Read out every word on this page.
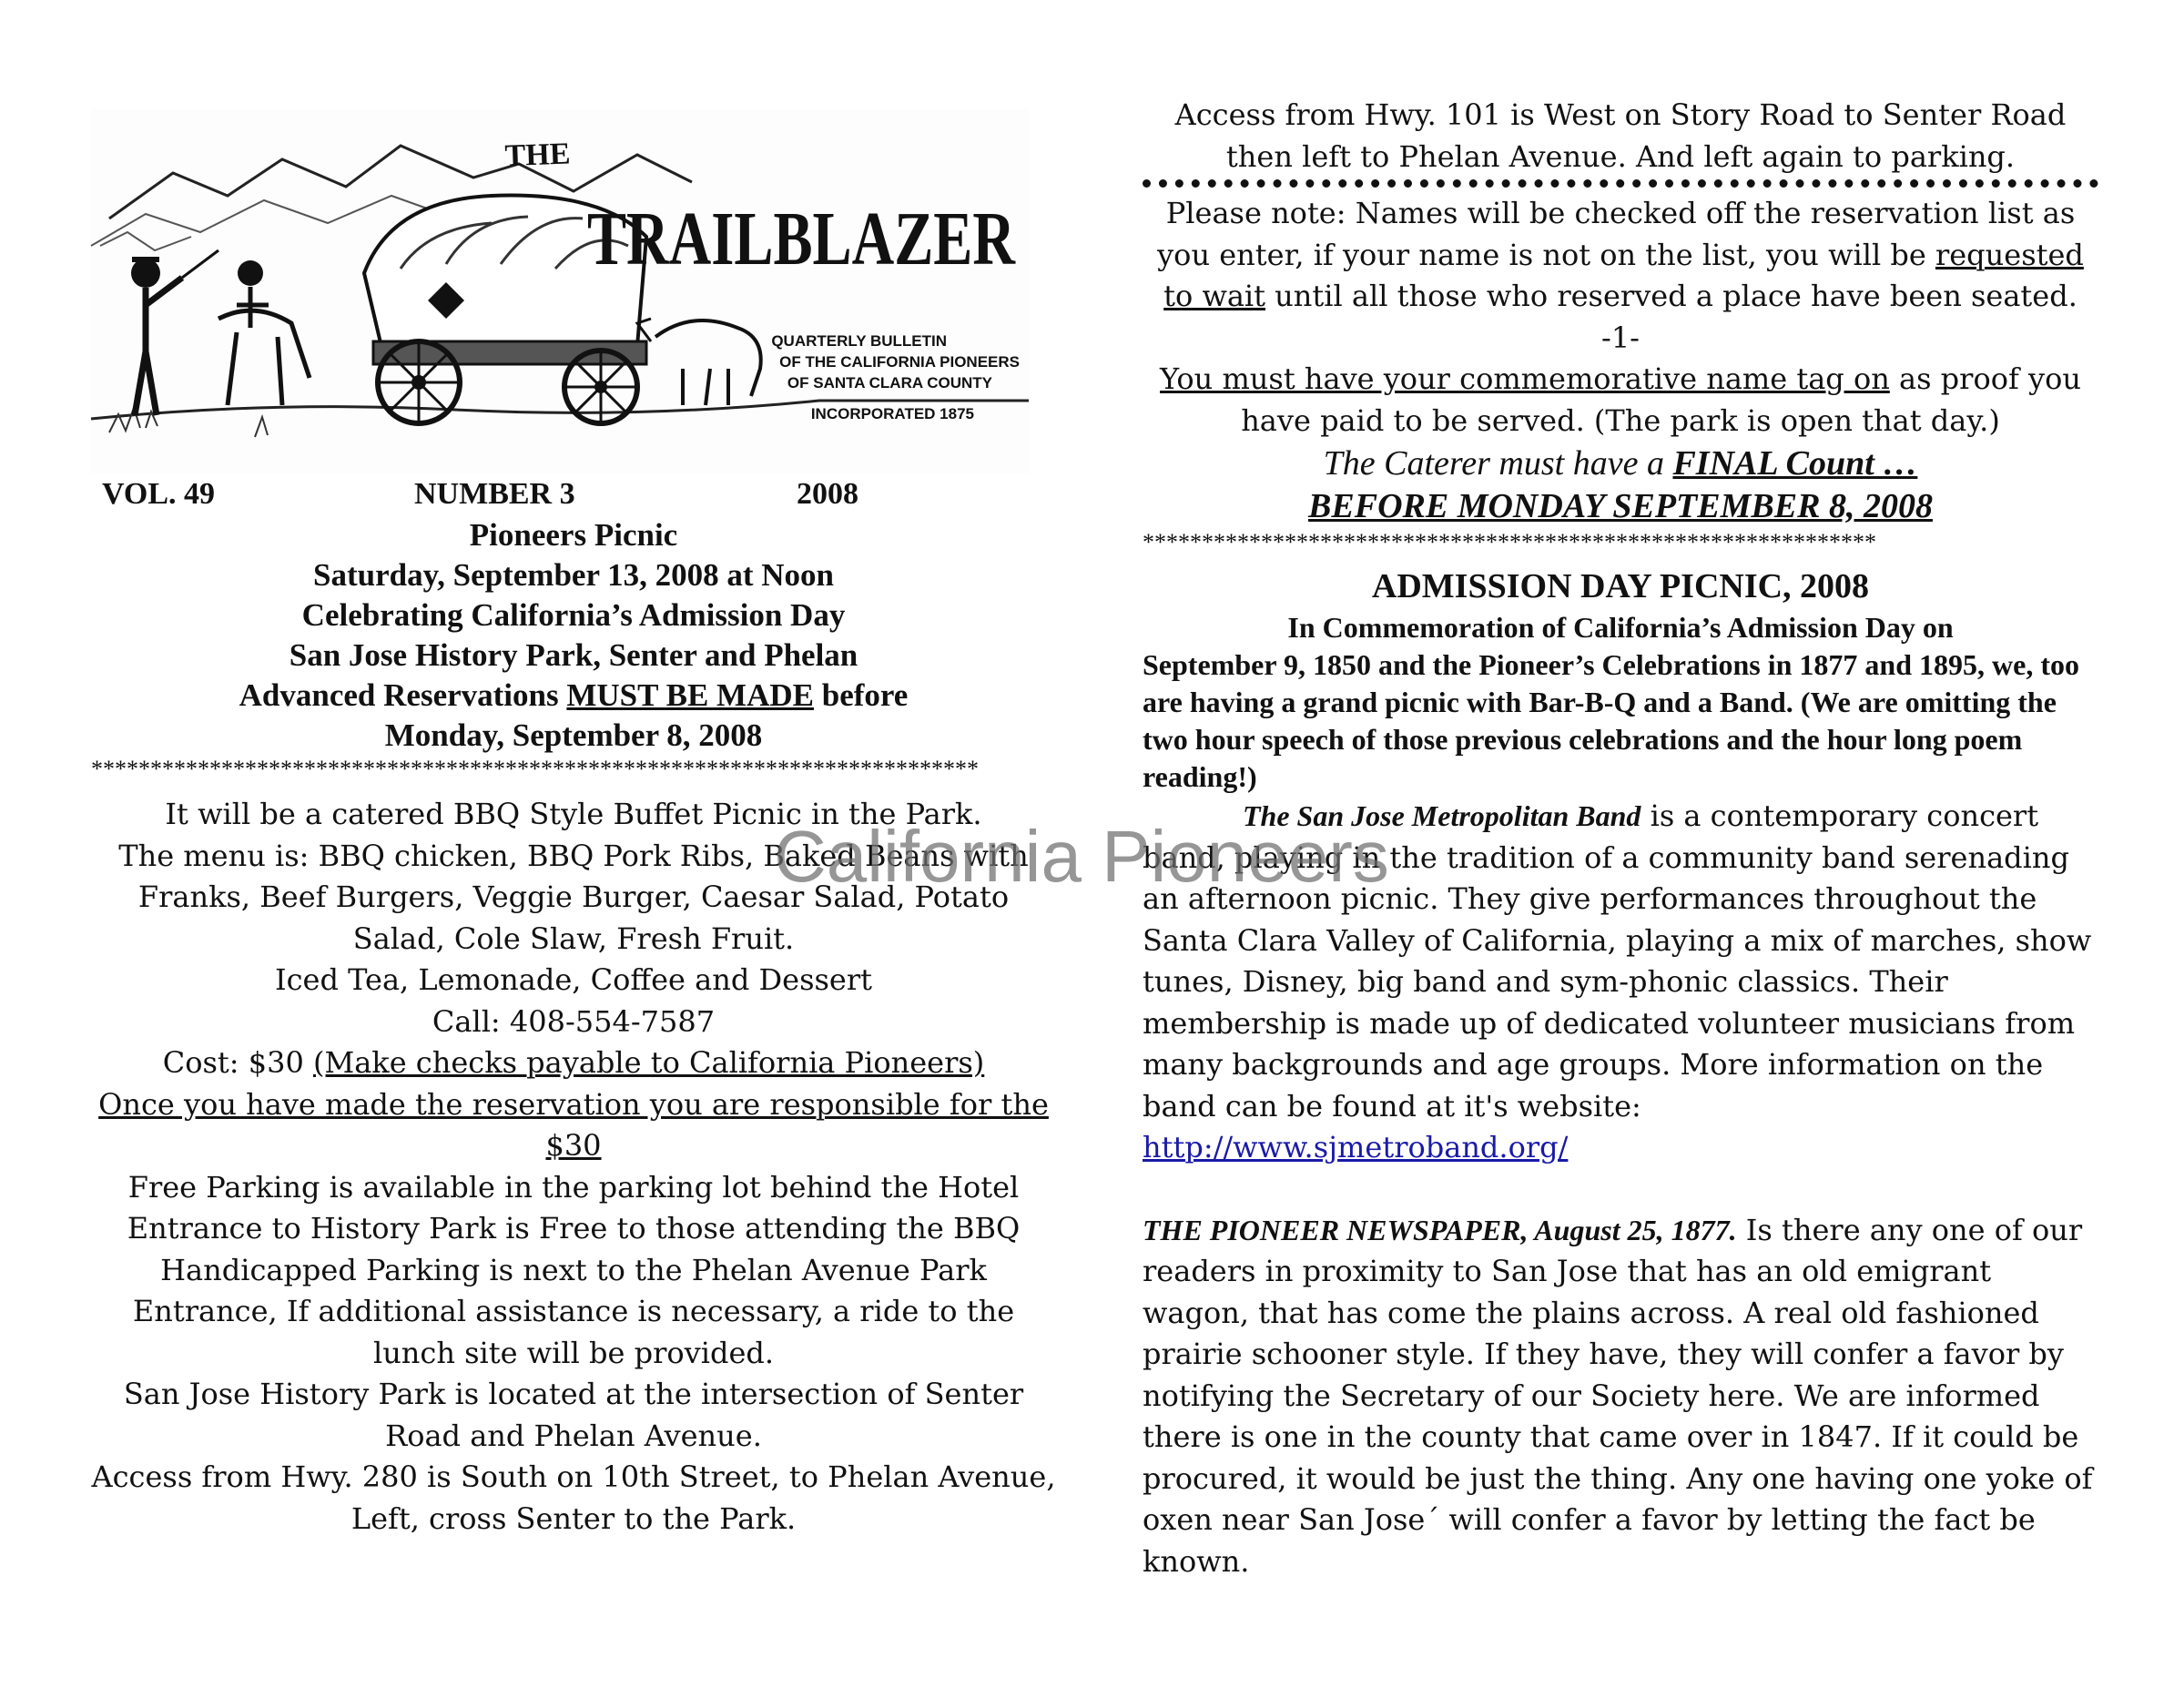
THE
TRAILBLAZER
QUARTERLY BULLETIN
OF THE CALIFORNIA PIONEERS
OF SANTA CLARA COUNTY
INCORPORATED 1875
VOL. 49	NUMBER 3	2008
Pioneers Picnic
Saturday, September 13, 2008 at Noon
Celebrating California’s Admission Day
San Jose History Park, Senter and Phelan
Advanced Reservations MUST BE MADE before
Monday, September 8, 2008
***************************************************************************
It will be a catered BBQ Style Buffet Picnic in the Park.
The menu is: BBQ chicken, BBQ Pork Ribs, Baked Beans with Franks, Beef Burgers, Veggie Burger, Caesar Salad, Potato Salad, Cole Slaw, Fresh Fruit.
Iced Tea, Lemonade, Coffee and Dessert
Call: 408-554-7587
Cost: $30 (Make checks payable to California Pioneers)
Once you have made the reservation you are responsible for the $30
Free Parking is available in the parking lot behind the Hotel
Entrance to History Park is Free to those attending the BBQ
Handicapped Parking is next to the Phelan Avenue Park Entrance, If additional assistance is necessary, a ride to the lunch site will be provided.
San Jose History Park is located at the intersection of Senter Road and Phelan Avenue.
Access from Hwy. 280 is South on 10th Street, to Phelan Avenue, Left, cross Senter to the Park.
Access from Hwy. 101 is West on Story Road to Senter Road then left to Phelan Avenue. And left again to parking.
Please note: Names will be checked off the reservation list as you enter, if your name is not on the list, you will be requested to wait until all those who reserved a place have been seated.
-1-
You must have your commemorative name tag on as proof you have paid to be served. (The park is open that day.)
The Caterer must have a FINAL Count …
BEFORE MONDAY SEPTEMBER 8, 2008
**************************************************************
ADMISSION DAY PICNIC, 2008
In Commemoration of California’s Admission Day on
September 9, 1850 and the Pioneer’s Celebrations in 1877 and 1895, we, too are having a grand picnic with Bar-B-Q and a Band. (We are omitting the two hour speech of those previous celebrations and the hour long poem reading!)
The San Jose Metropolitan Band is a contemporary concert band, playing in the tradition of a community band serenading an afternoon picnic. They give performances throughout the Santa Clara Valley of California, playing a mix of marches, show tunes, Disney, big band and sym-phonic classics. Their membership is made up of dedicated volunteer musicians from many backgrounds and age groups. More information on the band can be found at it's website:
http://www.sjmetroband.org/
THE PIONEER NEWSPAPER, August 25, 1877. Is there any one of our readers in proximity to San Jose that has an old emigrant wagon, that has come the plains across. A real old fashioned prairie schooner style. If they have, they will confer a favor by notifying the Secretary of our Society here. We are informed there is one in the county that came over in 1847. If it could be procured, it would be just the thing. Any one having one yoke of oxen near San Jose´ will confer a favor by letting the fact be known.
California Pioneers
